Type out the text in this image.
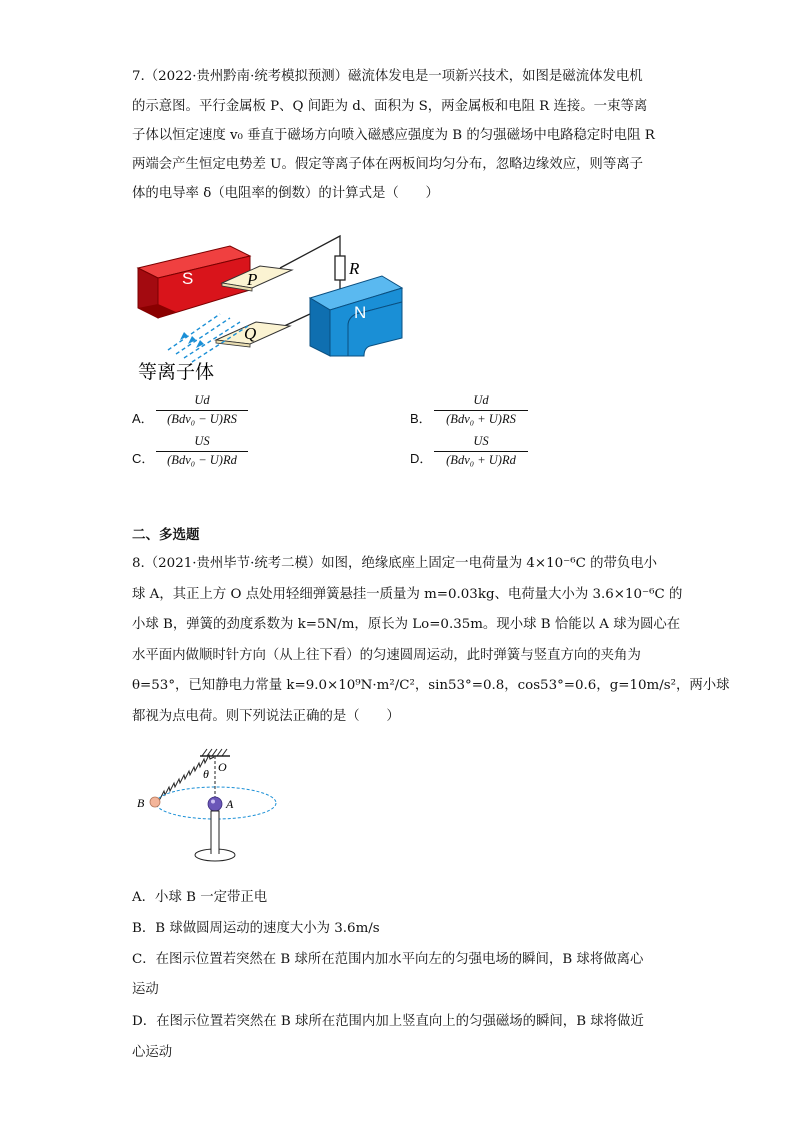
7.（2022·贵州黔南·统考模拟预测）磁流体发电是一项新兴技术，如图是磁流体发电机
的示意图。平行金属板 P、Q 间距为 d、面积为 S，两金属板和电阻 R 连接。一束等离
子体以恒定速度 v₀ 垂直于磁场方向喷入磁感应强度为 B 的匀强磁场中电路稳定时电阻 R
两端会产生恒定电势差 U。假定等离子体在两板间均匀分布，忽略边缘效应，则等离子
体的电导率 δ（电阻率的倒数）的计算式是（　　）
R
S	P
Q
N
等离子体
A．
Ud
(Bdv₀ − U)RS	B．
Ud
(Bdv₀ + U)RS
C．
US
(Bdv₀ − U)Rd	D．
US
(Bdv₀ + U)Rd
二、多选题
8.（2021·贵州毕节·统考二模）如图，绝缘底座上固定一电荷量为 4×10⁻⁶C 的带负电小
球 A，其正上方 O 点处用轻细弹簧悬挂一质量为 m=0.03kg、电荷量大小为 3.6×10⁻⁶C 的
小球 B，弹簧的劲度系数为 k=5N/m，原长为 Lo=0.35m。现小球 B 恰能以 A 球为圆心在
水平面内做顺时针方向（从上往下看）的匀速圆周运动，此时弹簧与竖直方向的夹角为
θ=53°，已知静电力常量 k=9.0×10⁹N·m²/C²，sin53°=0.8，cos53°=0.6，g=10m/s²，两小球
都视为点电荷。则下列说法正确的是（　　）
O
θ
B	A
A．小球 B 一定带正电
B．B 球做圆周运动的速度大小为 3.6m/s
C．在图示位置若突然在 B 球所在范围内加水平向左的匀强电场的瞬间，B 球将做离心
运动
D．在图示位置若突然在 B 球所在范围内加上竖直向上的匀强磁场的瞬间，B 球将做近
心运动
